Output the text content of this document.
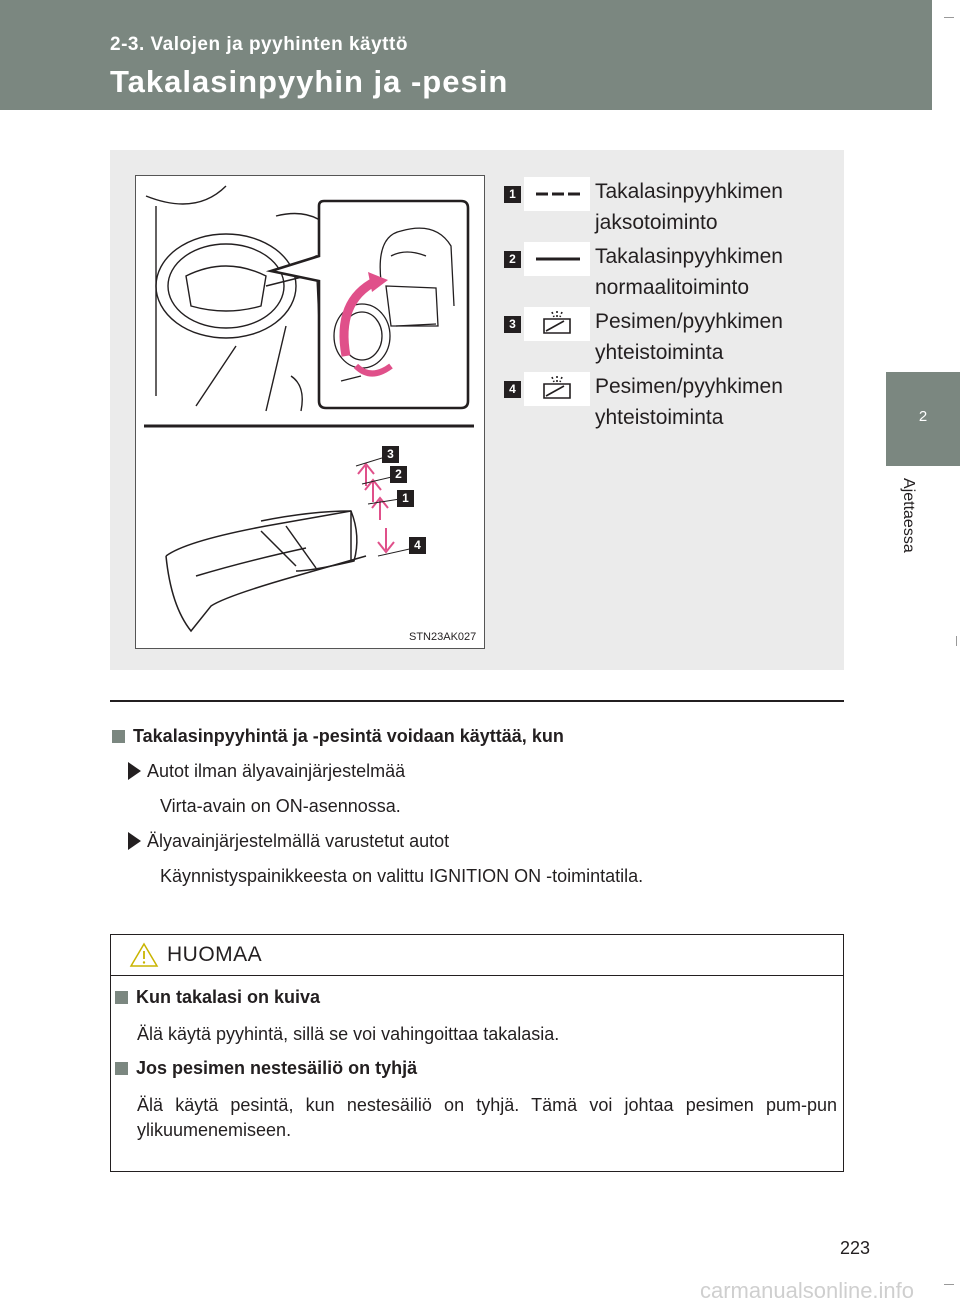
2-3. Valojen ja pyyhinten käyttö
Takalasinpyyhin ja -pesin
2
Ajettaessa
3
2
1
4
STN23AK027
1	Takalasinpyyhkimen
jaksotoiminto
2	Takalasinpyyhkimen
normaalitoiminto
3	Pesimen/pyyhkimen
yhteistoiminta
4	Pesimen/pyyhkimen
yhteistoiminta
Takalasinpyyhintä ja -pesintä voidaan käyttää, kun
Autot ilman älyavainjärjestelmää
Virta-avain on ON-asennossa.
Älyavainjärjestelmällä varustetut autot
Käynnistyspainikkeesta on valittu IGNITION ON -toimintatila.
HUOMAA
Kun takalasi on kuiva
Älä käytä pyyhintä, sillä se voi vahingoittaa takalasia.
Jos pesimen nestesäiliö on tyhjä
Älä käytä pesintä, kun nestesäiliö on tyhjä. Tämä voi johtaa pesimen pum-pun ylikuumenemiseen.
223
carmanualsonline.info
